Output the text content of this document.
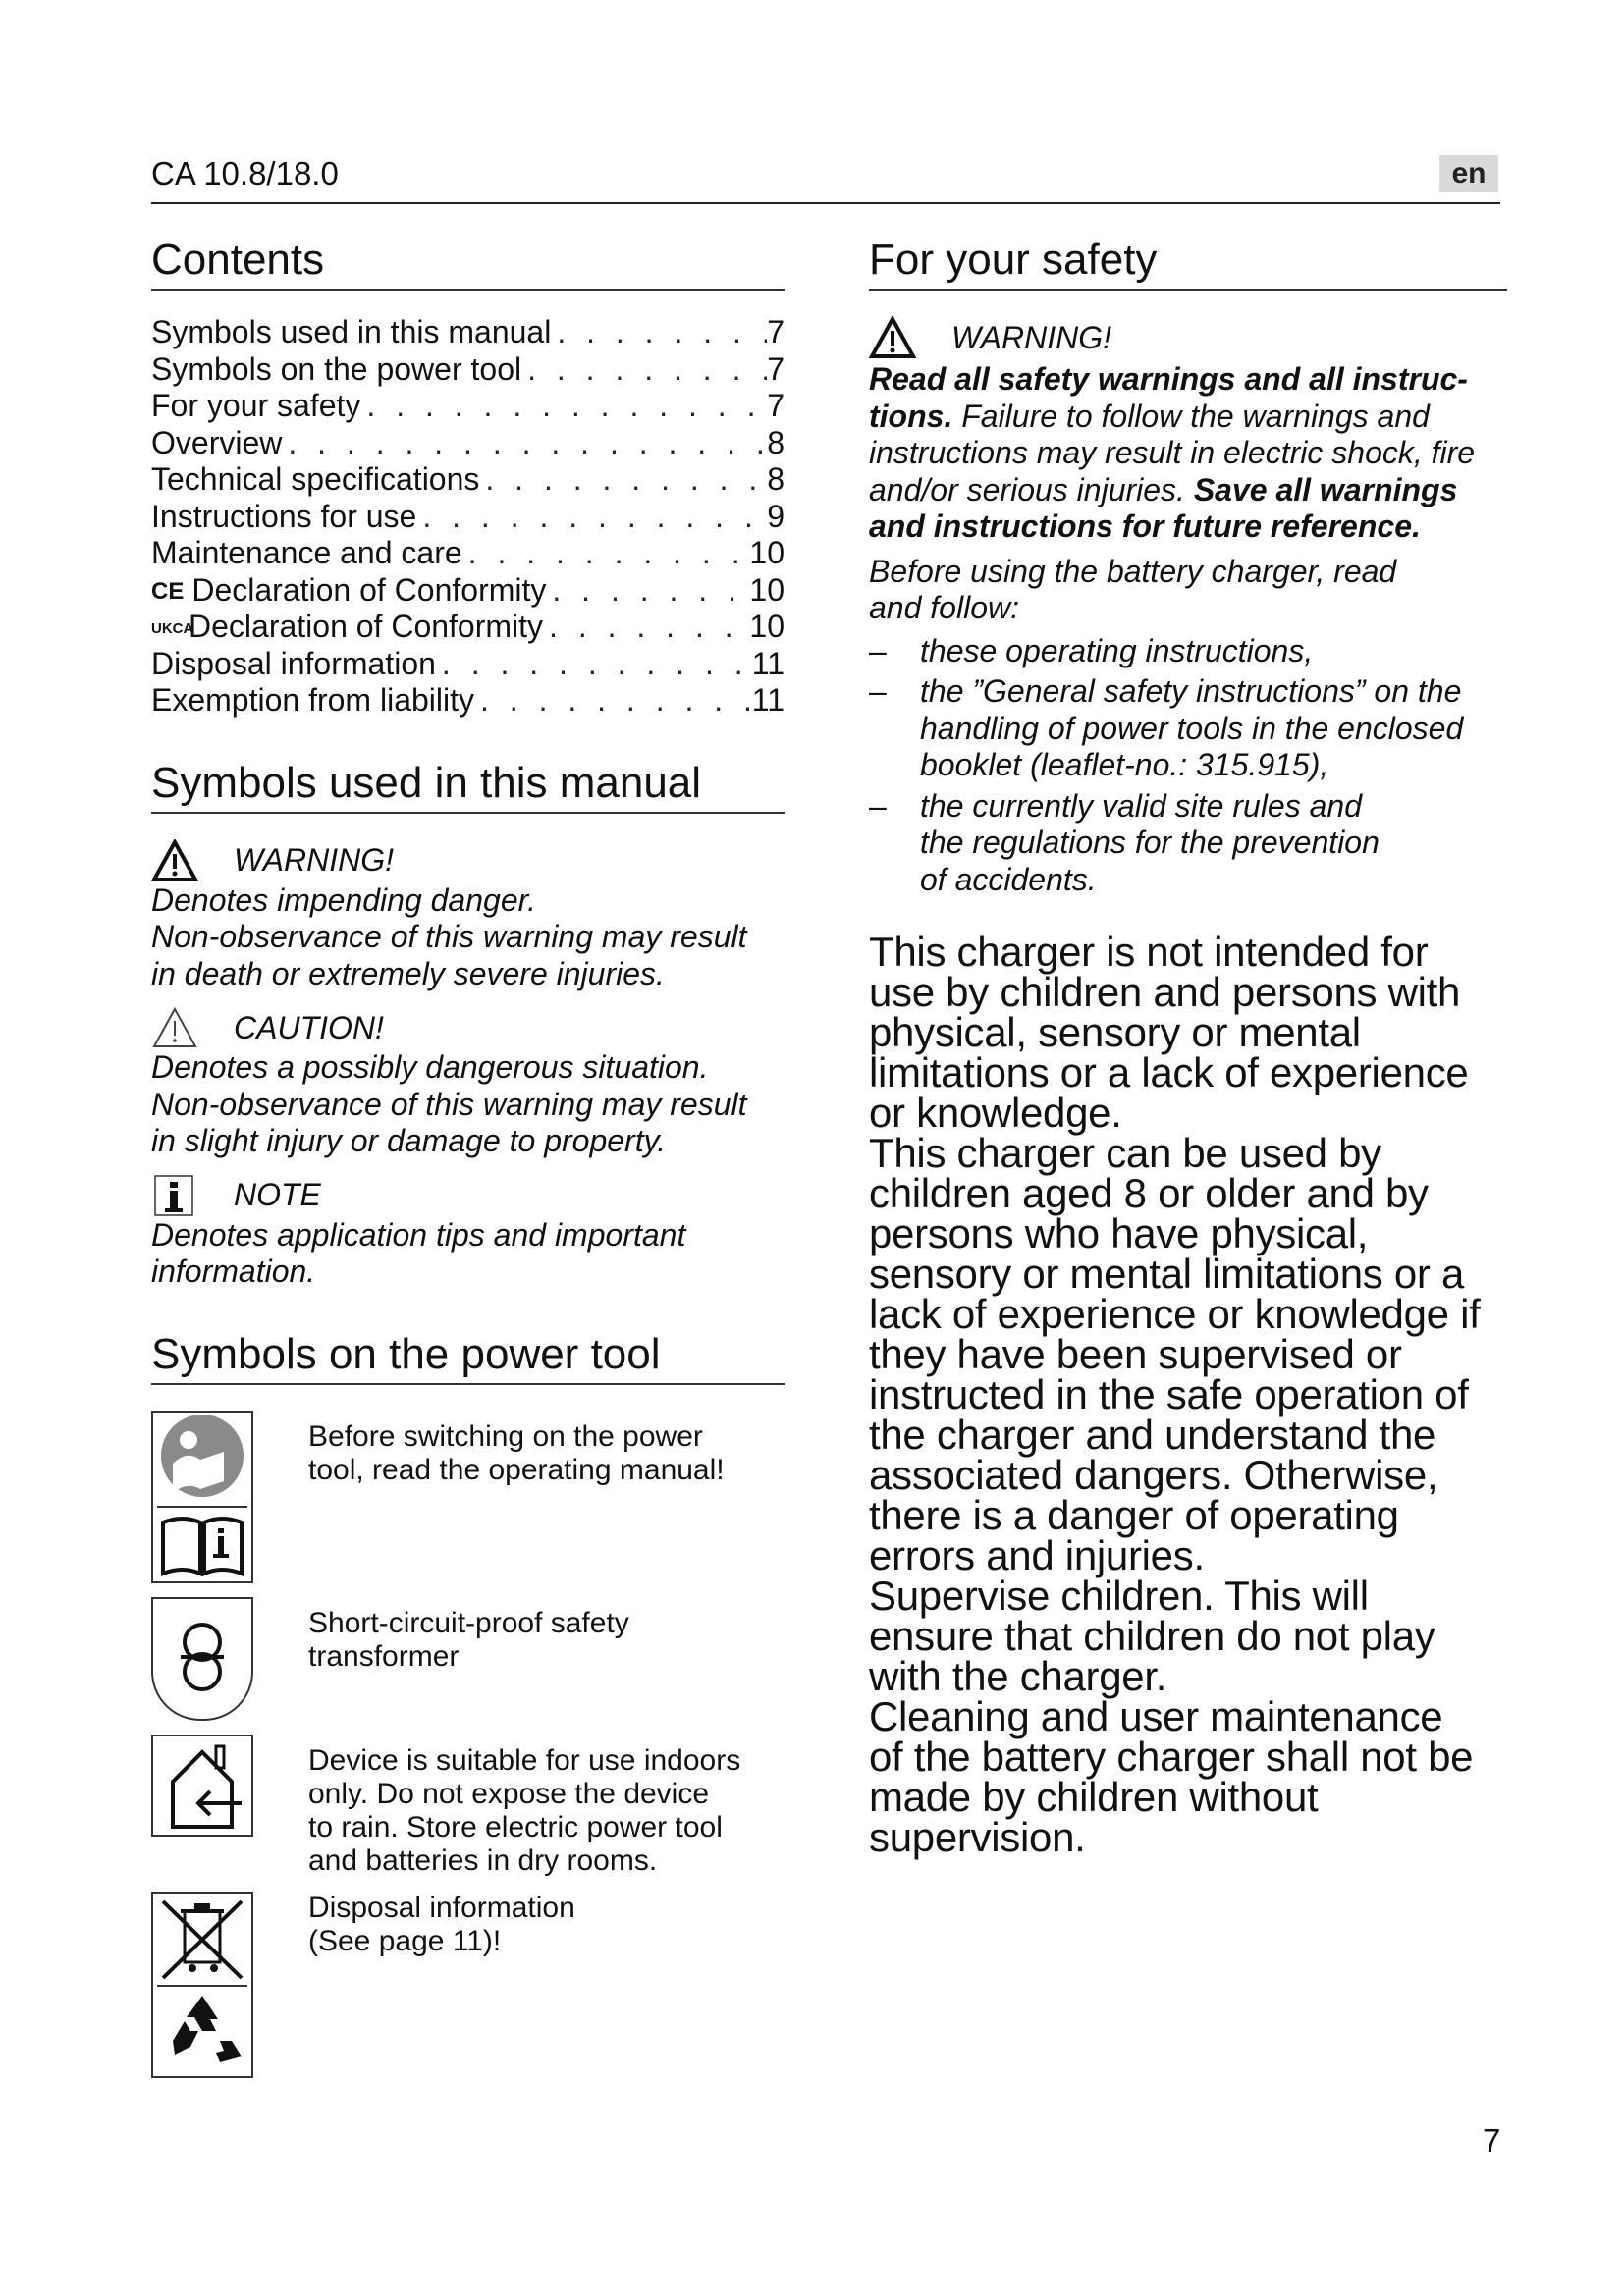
CA 10.8/18.0	en
Contents
Symbols used in this manual . . .	7
Symbols on the power tool . . .	7
For your safety . . .	7
Overview . . .	8
Technical specifications . . .	8
Instructions for use . . .	9
Maintenance and care . . .	10
CE Declaration of Conformity . . .	10
UKCADeclaration of Conformity . . .	10
Disposal information . . .	11
Exemption from liability . . .	11
Symbols used in this manual
WARNING!
Denotes impending danger.
Non-observance of this warning may result
in death or extremely severe injuries.
CAUTION!
Denotes a possibly dangerous situation.
Non-observance of this warning may result
in slight injury or damage to property.
NOTE
Denotes application tips and important
information.
Symbols on the power tool
Before switching on the power
tool, read the operating manual!
Short-circuit-proof safety
transformer
Device is suitable for use indoors
only. Do not expose the device
to rain. Store electric power tool
and batteries in dry rooms.
Disposal information
(See page 11)!
For your safety
WARNING!
Read all safety warnings and all instruc-
tions. Failure to follow the warnings and
instructions may result in electric shock, fire
and/or serious injuries. Save all warnings
and instructions for future reference.
Before using the battery charger, read
and follow:
–	these operating instructions,
–	the ”General safety instructions” on the
handling of power tools in the enclosed
booklet (leaflet-no.: 315.915),
–	the currently valid site rules and
the regulations for the prevention
of accidents.
This charger is not intended for
use by children and persons with
physical, sensory or mental
limitations or a lack of experience
or knowledge.
This charger can be used by
children aged 8 or older and by
persons who have physical,
sensory or mental limitations or a
lack of experience or knowledge if
they have been supervised or
instructed in the safe operation of
the charger and understand the
associated dangers. Otherwise,
there is a danger of operating
errors and injuries.
Supervise children. This will
ensure that children do not play
with the charger.
Cleaning and user maintenance
of the battery charger shall not be
made by children without
supervision.
7
